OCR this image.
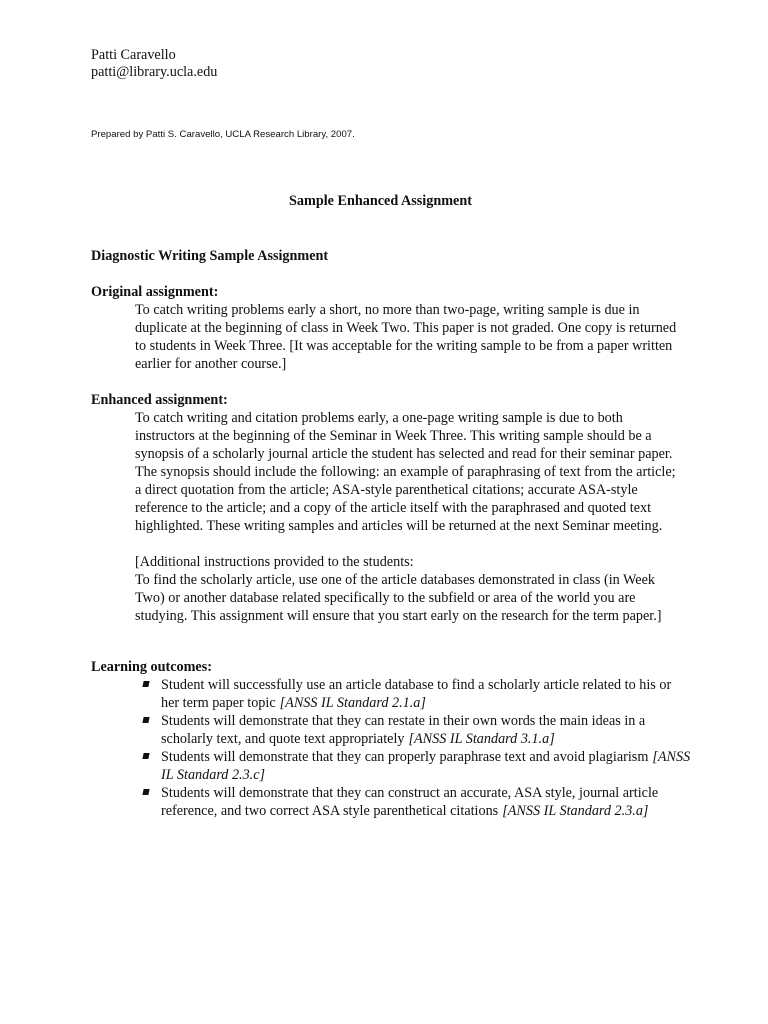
Patti Caravello
patti@library.ucla.edu
Prepared by Patti S. Caravello, UCLA Research Library, 2007.
Sample Enhanced Assignment
Diagnostic Writing Sample Assignment
Original assignment:
To catch writing problems early a short, no more than two-page, writing sample is due in duplicate at the beginning of class in Week Two. This paper is not graded. One copy is returned to students in Week Three. [It was acceptable for the writing sample to be from a paper written earlier for another course.]
Enhanced assignment:
To catch writing and citation problems early, a one-page writing sample is due to both instructors at the beginning of the Seminar in Week Three. This writing sample should be a synopsis of a scholarly journal article the student has selected and read for their seminar paper. The synopsis should include the following: an example of paraphrasing of text from the article; a direct quotation from the article; ASA-style parenthetical citations; accurate ASA-style reference to the article; and a copy of the article itself with the paraphrased and quoted text highlighted. These writing samples and articles will be returned at the next Seminar meeting.
[Additional instructions provided to the students:
To find the scholarly article, use one of the article databases demonstrated in class (in Week Two) or another database related specifically to the subfield or area of the world you are studying. This assignment will ensure that you start early on the research for the term paper.]
Learning outcomes:
Student will successfully use an article database to find a scholarly article related to his or her term paper topic [ANSS IL Standard 2.1.a]
Students will demonstrate that they can restate in their own words the main ideas in a scholarly text, and quote text appropriately [ANSS IL Standard 3.1.a]
Students will demonstrate that they can properly paraphrase text and avoid plagiarism [ANSS IL Standard 2.3.c]
Students will demonstrate that they can construct an accurate, ASA style, journal article reference, and two correct ASA style parenthetical citations [ANSS IL Standard 2.3.a]
